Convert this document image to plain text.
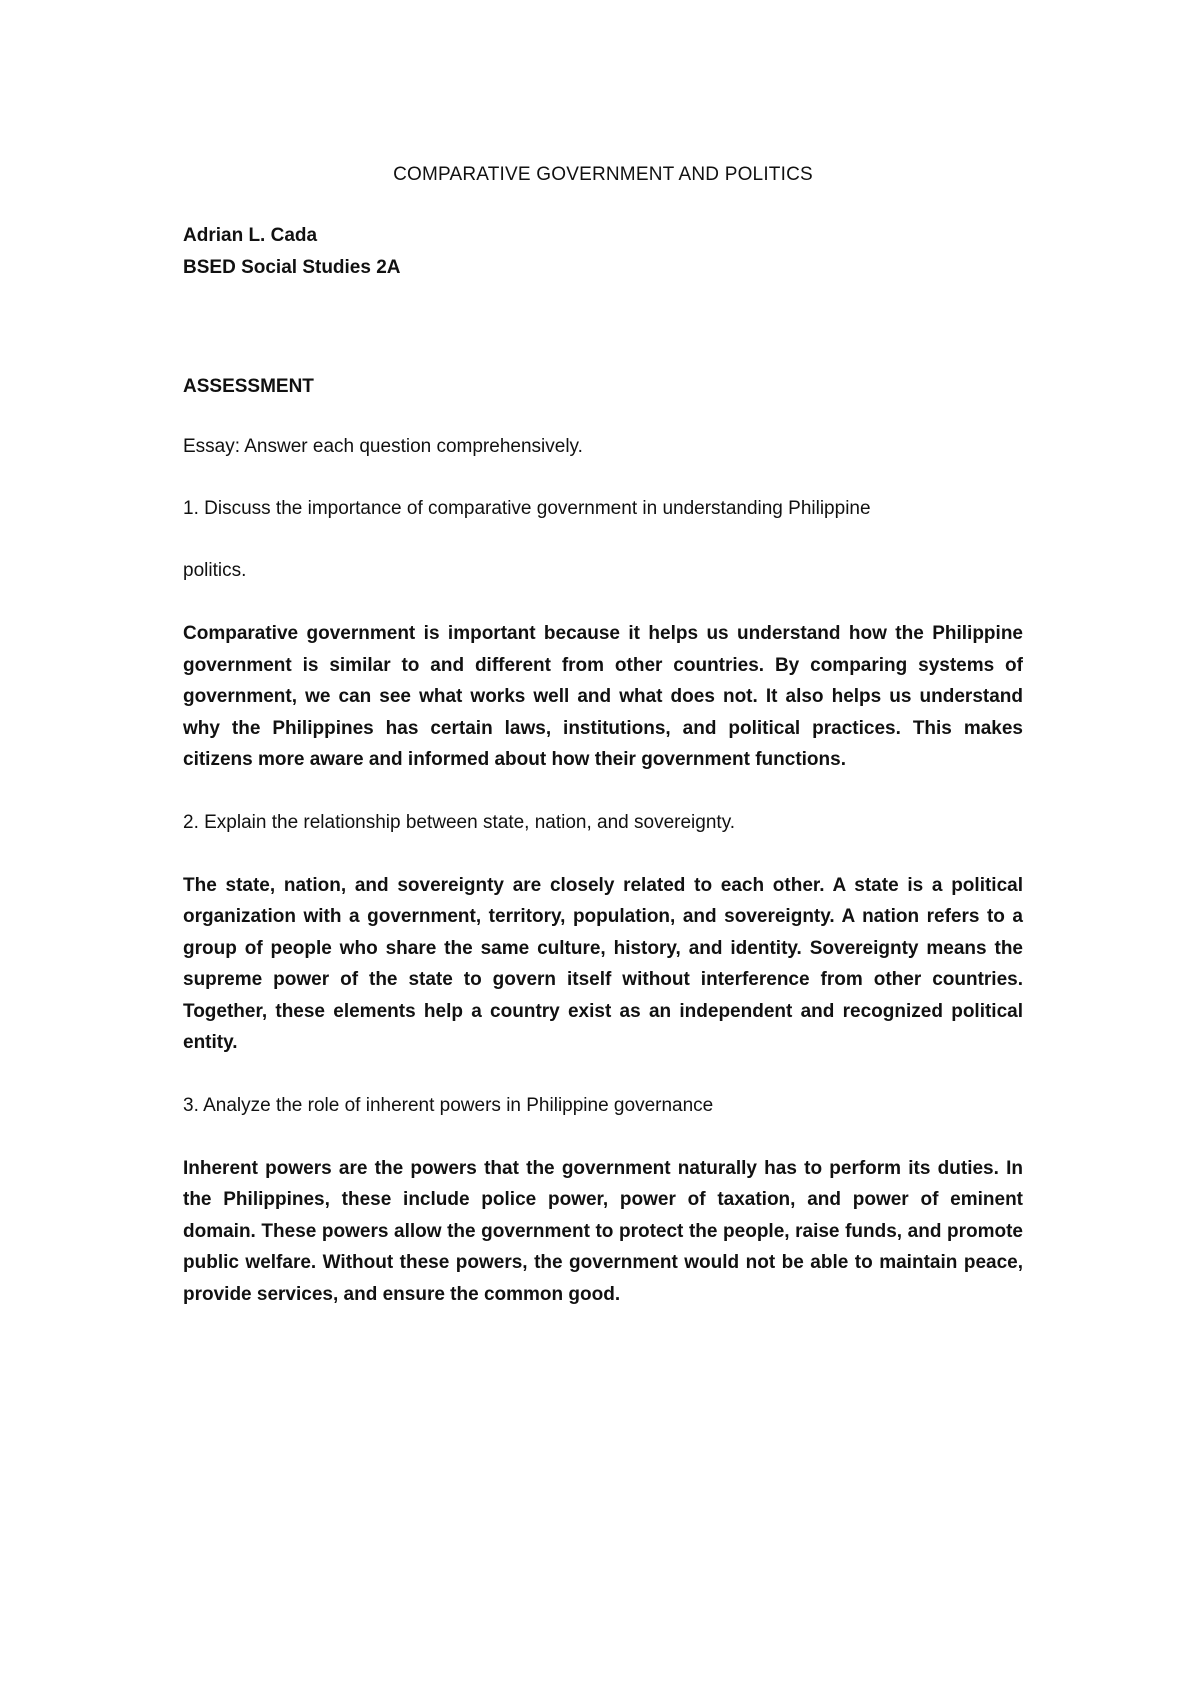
COMPARATIVE GOVERNMENT AND POLITICS
Adrian L. Cada
BSED Social Studies 2A
ASSESSMENT
Essay: Answer each question comprehensively.
1. Discuss the importance of comparative government in understanding Philippine
politics.
Comparative government is important because it helps us understand how the Philippine government is similar to and different from other countries. By comparing systems of government, we can see what works well and what does not. It also helps us understand why the Philippines has certain laws, institutions, and political practices. This makes citizens more aware and informed about how their government functions.
2. Explain the relationship between state, nation, and sovereignty.
The state, nation, and sovereignty are closely related to each other. A state is a political organization with a government, territory, population, and sovereignty. A nation refers to a group of people who share the same culture, history, and identity. Sovereignty means the supreme power of the state to govern itself without interference from other countries. Together, these elements help a country exist as an independent and recognized political entity.
3. Analyze the role of inherent powers in Philippine governance
Inherent powers are the powers that the government naturally has to perform its duties. In the Philippines, these include police power, power of taxation, and power of eminent domain. These powers allow the government to protect the people, raise funds, and promote public welfare. Without these powers, the government would not be able to maintain peace, provide services, and ensure the common good.
